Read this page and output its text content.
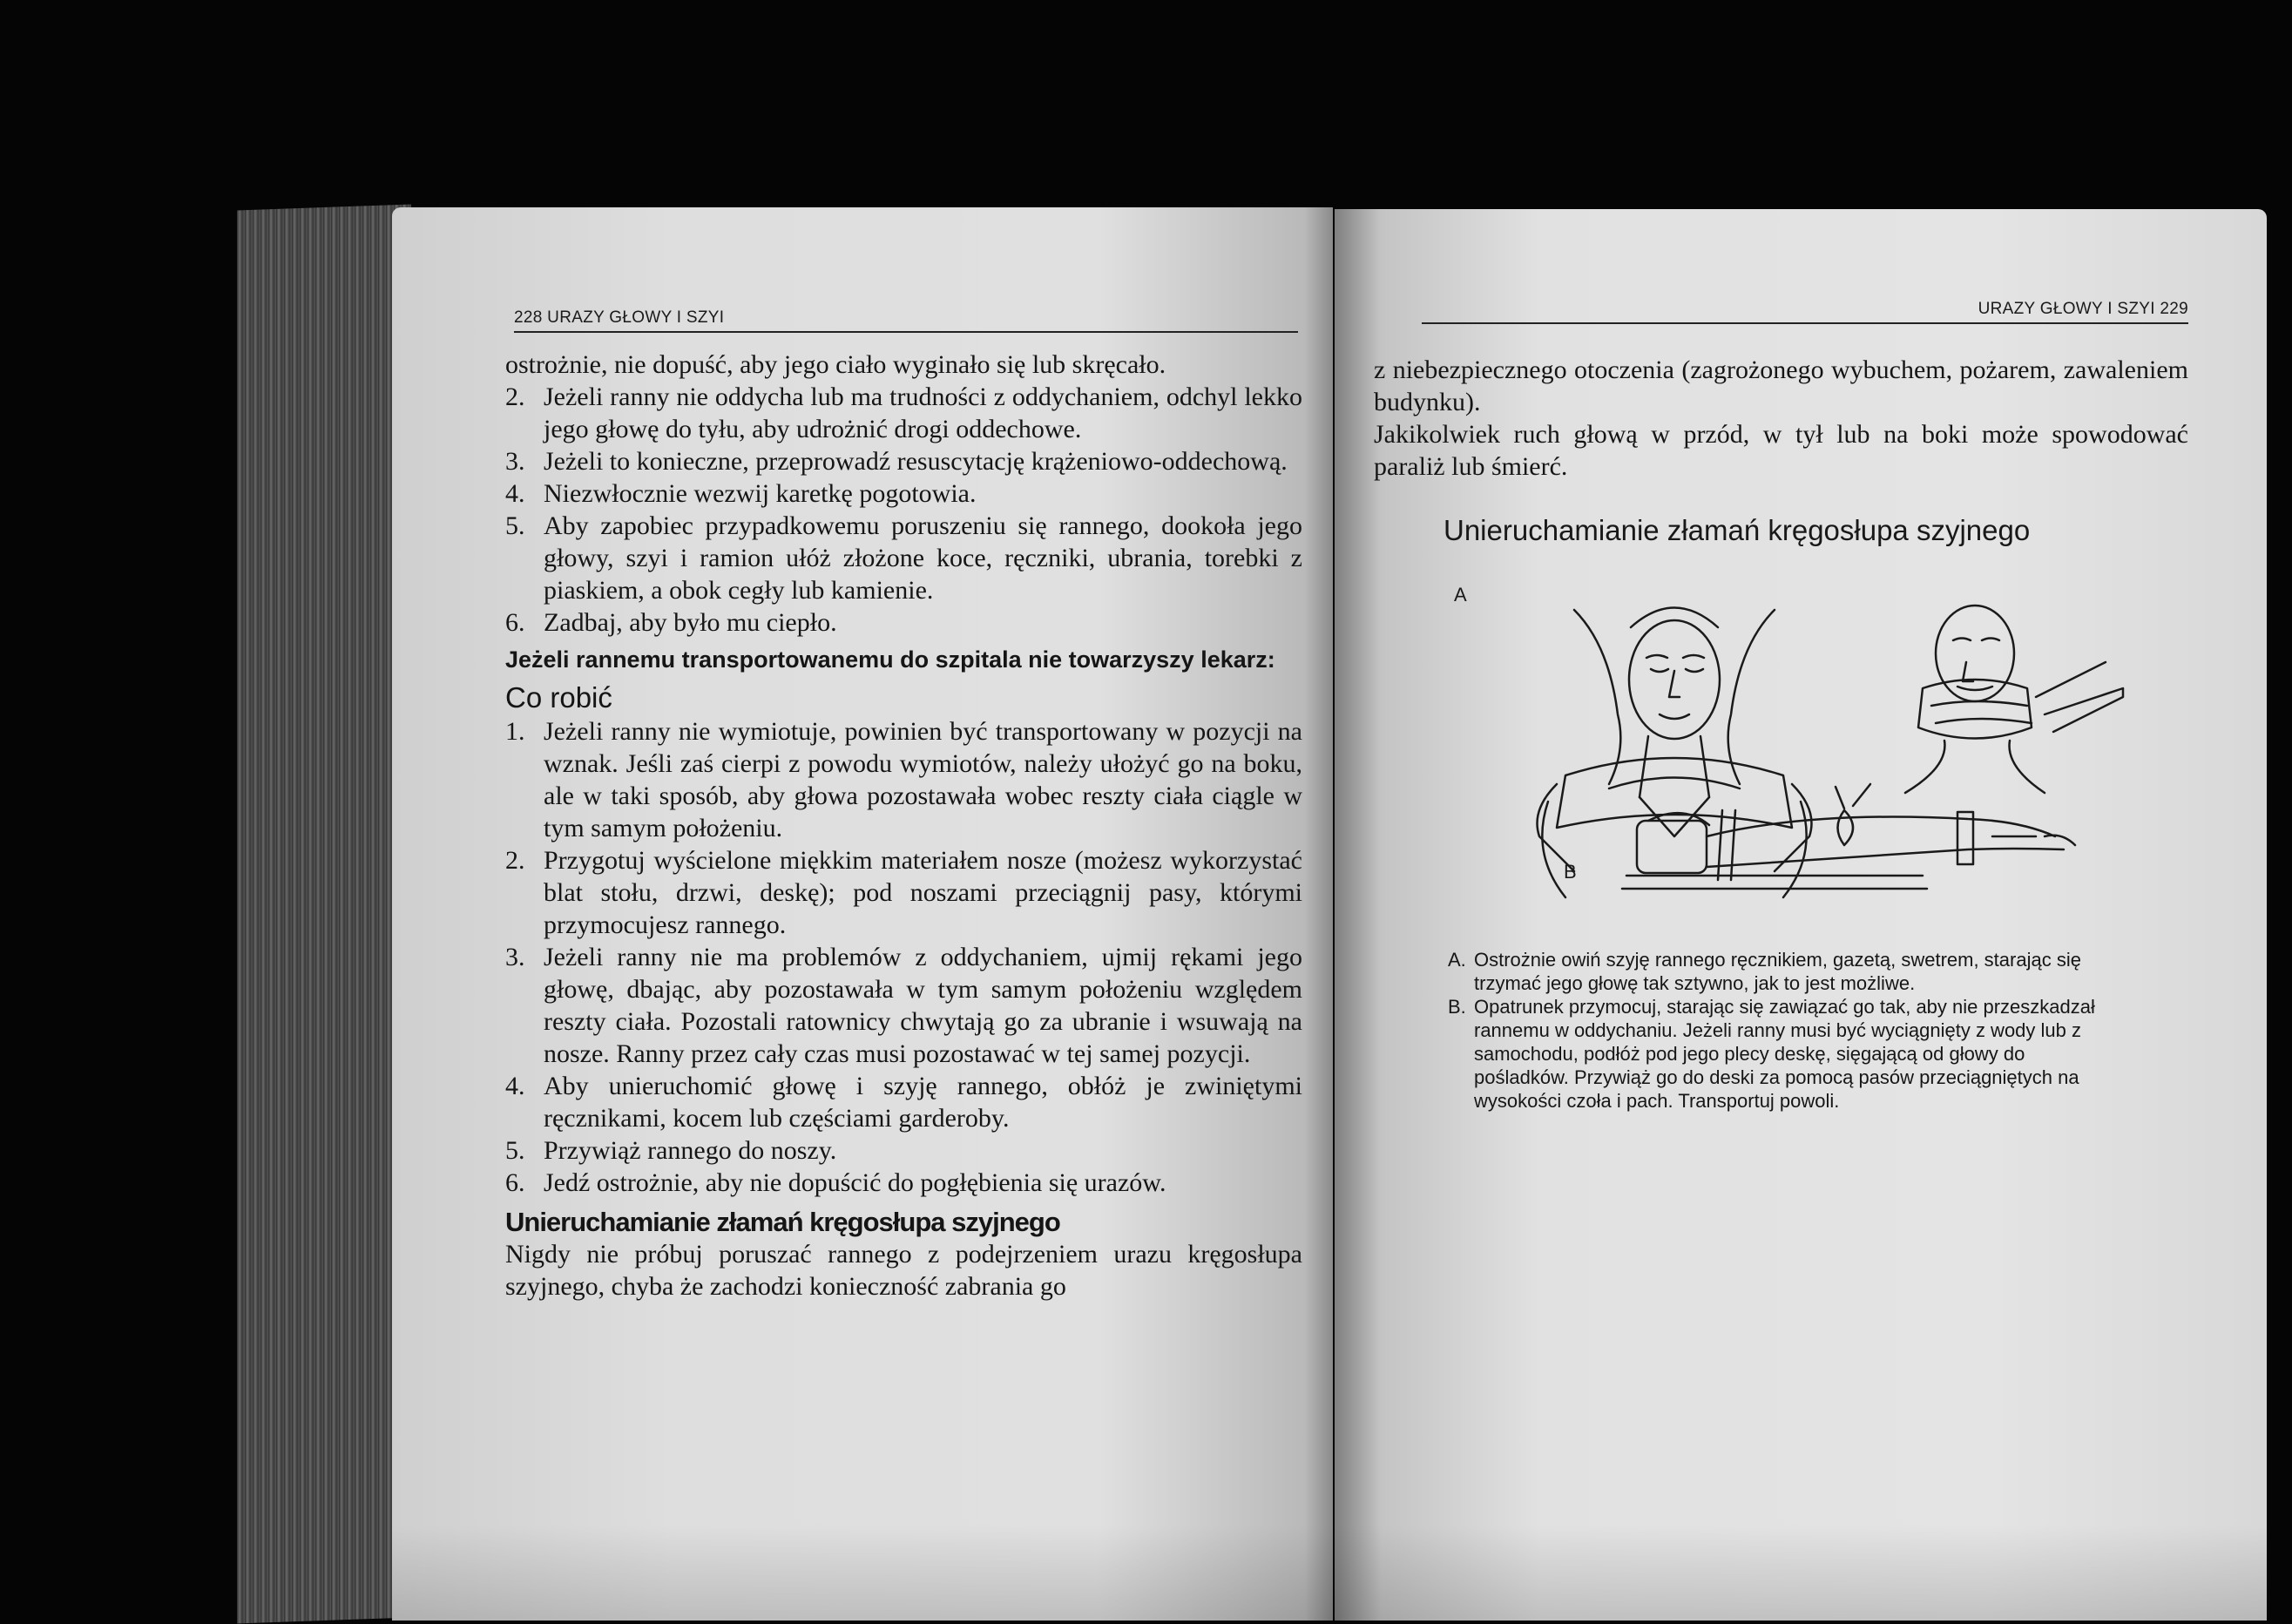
228 URAZY GŁOWY I SZYI

ostrożnie, nie dopuść, aby jego ciało wyginało się lub skręcało.

2. Jeżeli ranny nie oddycha lub ma trudności z oddychaniem, odchyl lekko jego głowę do tyłu, aby udrożnić drogi oddechowe.
3. Jeżeli to konieczne, przeprowadź resuscytację krążeniowo-oddechową.
4. Niezwłocznie wezwij karetkę pogotowia.
5. Aby zapobiec przypadkowemu poruszeniu się rannego, dookoła jego głowy, szyi i ramion ułóż złożone koce, ręczniki, ubrania, torebki z piaskiem, a obok cegły lub kamienie.
6. Zadbaj, aby było mu ciepło.

Jeżeli rannemu transportowanemu do szpitala nie towarzyszy lekarz:

Co robić

1. Jeżeli ranny nie wymiotuje, powinien być transportowany w pozycji na wznak. Jeśli zaś cierpi z powodu wymiotów, należy ułożyć go na boku, ale w taki sposób, aby głowa pozostawała wobec reszty ciała ciągle w tym samym położeniu.
2. Przygotuj wyścielone miękkim materiałem nosze (możesz wykorzystać blat stołu, drzwi, deskę); pod noszami przeciągnij pasy, którymi przymocujesz rannego.
3. Jeżeli ranny nie ma problemów z oddychaniem, ujmij rękami jego głowę, dbając, aby pozostawała w tym samym położeniu względem reszty ciała. Pozostali ratownicy chwytają go za ubranie i wsuwają na nosze. Ranny przez cały czas musi pozostawać w tej samej pozycji.
4. Aby unieruchomić głowę i szyję rannego, obłóż je zwiniętymi ręcznikami, kocem lub częściami garderoby.
5. Przywiąż rannego do noszy.
6. Jedź ostrożnie, aby nie dopuścić do pogłębienia się urazów.

Unieruchamianie złamań kręgosłupa szyjnego

Nigdy nie próbuj poruszać rannego z podejrzeniem urazu kręgosłupa szyjnego, chyba że zachodzi konieczność zabrania go

URAZY GŁOWY I SZYI 229

z niebezpiecznego otoczenia (zagrożonego wybuchem, pożarem, zawaleniem budynku).

Jakikolwiek ruch głową w przód, w tył lub na boki może spowodować paraliż lub śmierć.

Unieruchamianie złamań kręgosłupa szyjnego
A
B
A. Ostrożnie owiń szyję rannego ręcznikiem, gazetą, swetrem, starając się trzymać jego głowę tak sztywno, jak to jest możliwe.
B. Opatrunek przymocuj, starając się zawiązać go tak, aby nie przeszkadzał rannemu w oddychaniu. Jeżeli ranny musi być wyciągnięty z wody lub z samochodu, podłóż pod jego plecy deskę, sięgającą od głowy do pośladków. Przywiąż go do deski za pomocą pasów przeciągniętych na wysokości czoła i pach. Transportuj powoli.
